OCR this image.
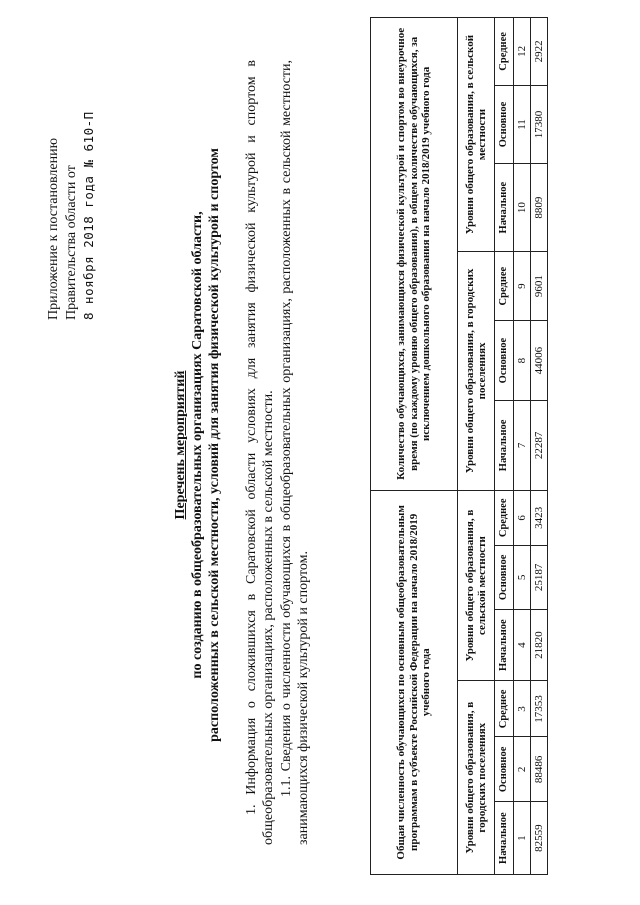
Приложение к постановлению Правительства области от 8 ноября 2018 года № 610-П
Перечень мероприятий по созданию в общеобразовательных организациях Саратовской области, расположенных в сельской местности, условий для занятия физической культурой и спортом 1. Информация о сложившихся в Саратовской области условиях для занятия физической культурой и спортом в общеобразовательных организациях, расположенных в сельской местности. 1.1. Сведения о численности обучающихся в общеобразовательных организациях, расположенных в сельской местности, занимающихся физической культурой и спортом.	Общая численность обучающихся по основным общеобразовательным программам в субъекте Российской Федерации на начало 2018/2019 учебного года						Количество обучающихся, занимающихся физической культурой и спортом во внеурочное время (по каждому уровню общего образования), в общем количестве обучающихся, за исключением дошкольного образования на начало 2018/2019 учебного года					
Уровни общего образования, в городских поселениях			Уровни общего образования, в сельской местности			Уровни общего образования, в городских поселениях			Уровни общего образования, в сельской местности		
Начальное	Основное	Среднее	Начальное	Основное	Среднее	Начальное	Основное	Среднее	Начальное	Основное	Среднее
1	2	3	4	5	6	7	8	9	10	11	12
82559	88486	17353	21820	25187	3423	22287	44006	9601	8809	17380	2922
